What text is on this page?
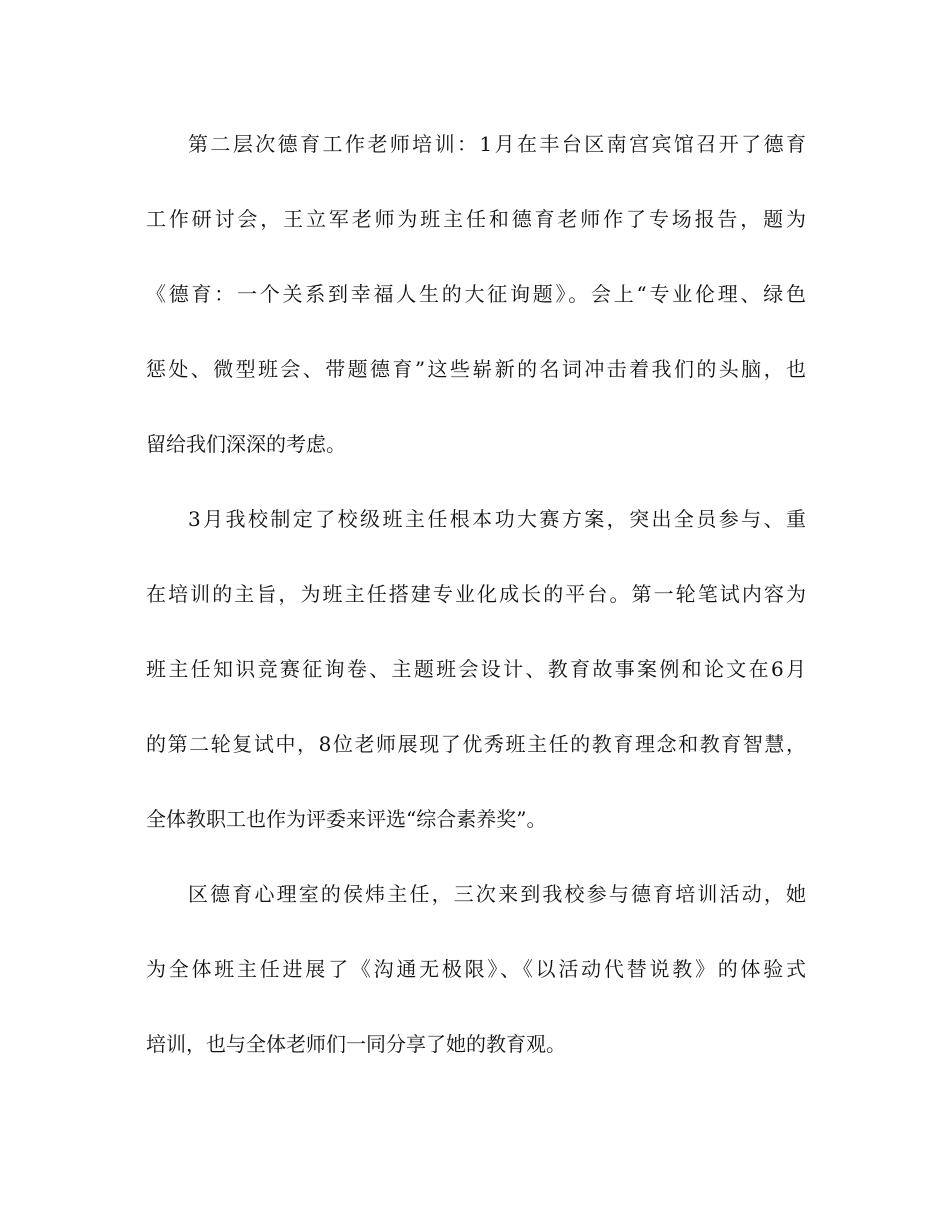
第二层次德育工作老师培训：1月在丰台区南宫宾馆召开了德育
工作研讨会，王立军老师为班主任和德育老师作了专场报告，题为
《德育：一个关系到幸福人生的大征询题》。会上“专业伦理、绿色
惩处、微型班会、带题德育”这些崭新的名词冲击着我们的头脑，也
留给我们深深的考虑。
3月我校制定了校级班主任根本功大赛方案，突出全员参与、重
在培训的主旨，为班主任搭建专业化成长的平台。第一轮笔试内容为
班主任知识竞赛征询卷、主题班会设计、教育故事案例和论文在6月
的第二轮复试中，8位老师展现了优秀班主任的教育理念和教育智慧，
全体教职工也作为评委来评选“综合素养奖”。
区德育心理室的侯炜主任，三次来到我校参与德育培训活动，她
为全体班主任进展了《沟通无极限》、《以活动代替说教》的体验式
培训，也与全体老师们一同分享了她的教育观。
